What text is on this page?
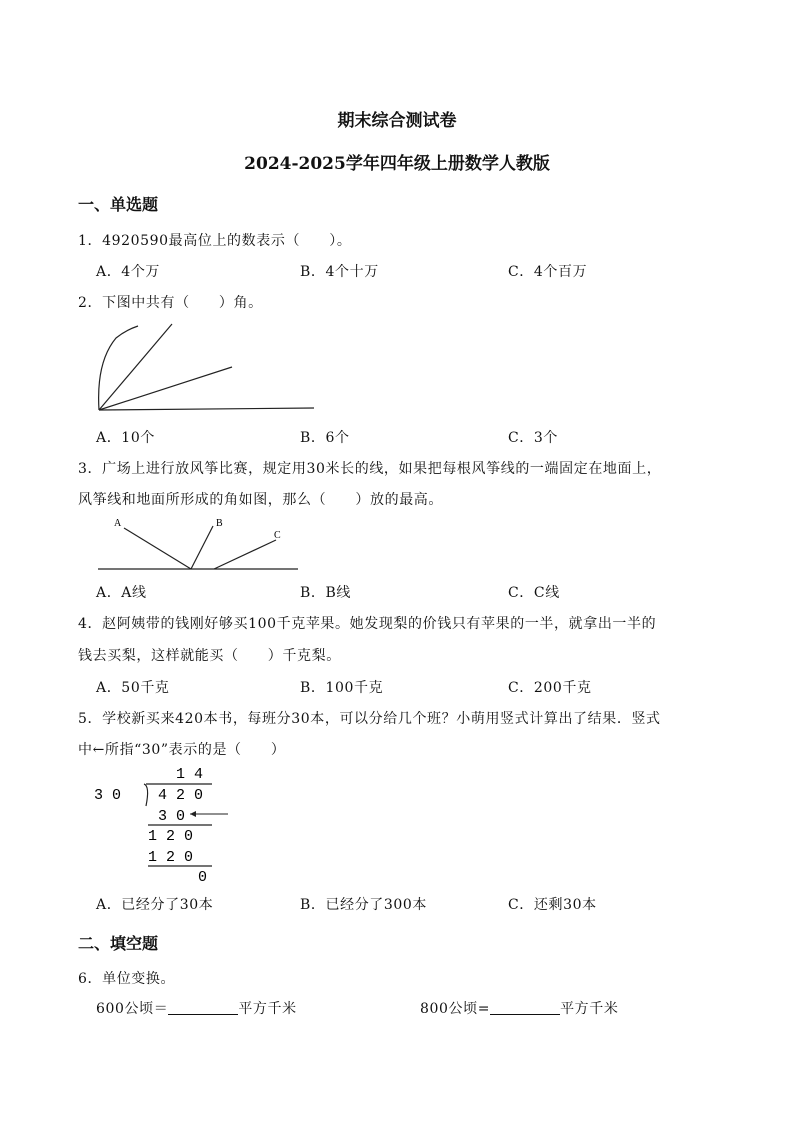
期末综合测试卷
2024-2025学年四年级上册数学人教版
一、单选题
1．4920590最高位上的数表示（　　）。
A．4个万	B．4个十万	C．4个百万
2．下图中共有（　　）角。
A．10个	B．6个	C．3个
3．广场上进行放风筝比赛，规定用30米长的线，如果把每根风筝线的一端固定在地面上，
风筝线和地面所形成的角如图，那么（　　）放的最高。
A	B
C
A．A线	B．B线	C．C线
4．赵阿姨带的钱刚好够买100千克苹果。她发现梨的价钱只有苹果的一半，就拿出一半的
钱去买梨，这样就能买（　　）千克梨。
A．50千克	B．100千克	C．200千克
5．学校新买来420本书，每班分30本，可以分给几个班？小萌用竖式计算出了结果．竖式
中←所指“30”表示的是（　　）
1 4
3 0 4 2 0
3 0
1 2 0
1 2 0
0
A．已经分了30本	B．已经分了300本	C．还剩30本
二、填空题
6．单位变换。
600公顷＝	平方千米	800公顷=	平方千米
